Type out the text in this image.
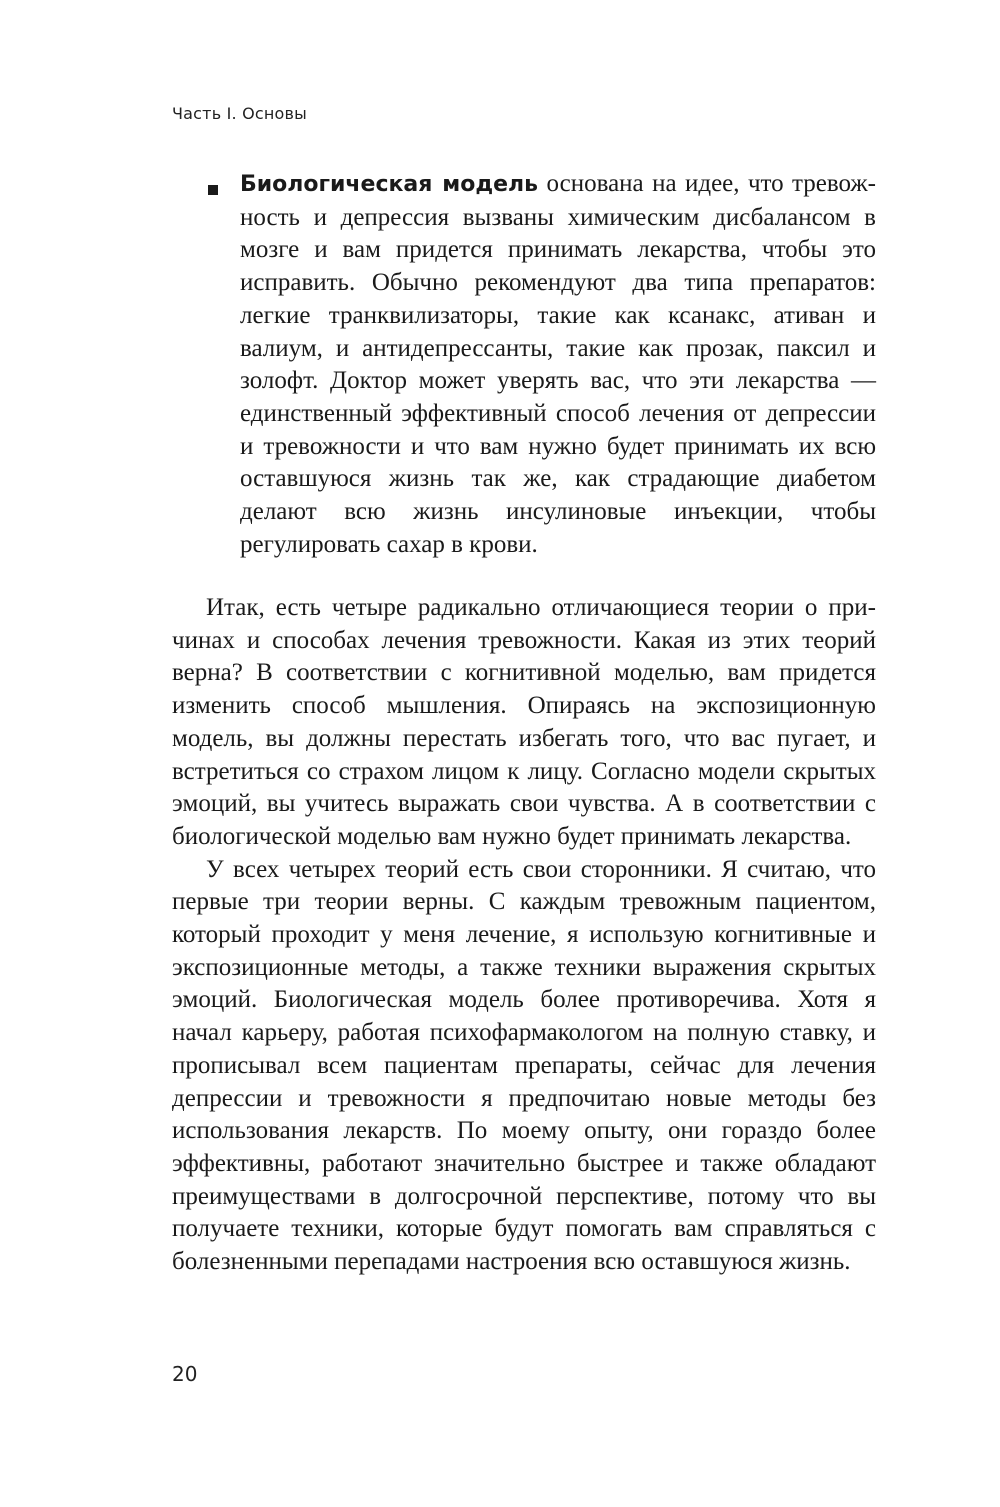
Часть I. Основы
Биологическая модель основана на идее, что тревожность и депрессия вызваны химическим дисбалансом в мозге и вам придется принимать лекарства, чтобы это исправить. Обычно рекомендуют два типа препаратов: легкие транквилизаторы, такие как ксанакс, ативан и валиум, и антидепрессанты, такие как прозак, паксил и золофт. Доктор может уверять вас, что эти лекарства — единственный эффективный способ лечения от депрессии и тревожности и что вам нужно будет принимать их всю оставшуюся жизнь так же, как страдающие диабетом делают всю жизнь инсулиновые инъекции, чтобы регулировать сахар в крови.

Итак, есть четыре радикально отличающиеся теории о причинах и способах лечения тревожности. Какая из этих теорий верна? В соответствии с когнитивной моделью, вам придется изменить способ мышления. Опираясь на экспозиционную модель, вы должны перестать избегать того, что вас пугает, и встретиться со страхом лицом к лицу. Согласно модели скрытых эмоций, вы учитесь выражать свои чувства. А в соответствии с биологической моделью вам нужно будет принимать лекарства.

У всех четырех теорий есть свои сторонники. Я считаю, что первые три теории верны. С каждым тревожным пациентом, который проходит у меня лечение, я использую когнитивные и экспозиционные методы, а также техники выражения скрытых эмоций. Биологическая модель более противоречива. Хотя я начал карьеру, работая психофармакологом на полную ставку, и прописывал всем пациентам препараты, сейчас для лечения депрессии и тревожности я предпочитаю новые методы без использования лекарств. По моему опыту, они гораздо более эффективны, работают значительно быстрее и также обладают преимуществами в долгосрочной перспективе, потому что вы получаете техники, которые будут помогать вам справляться с болезненными перепадами настроения всю оставшуюся жизнь.

20
